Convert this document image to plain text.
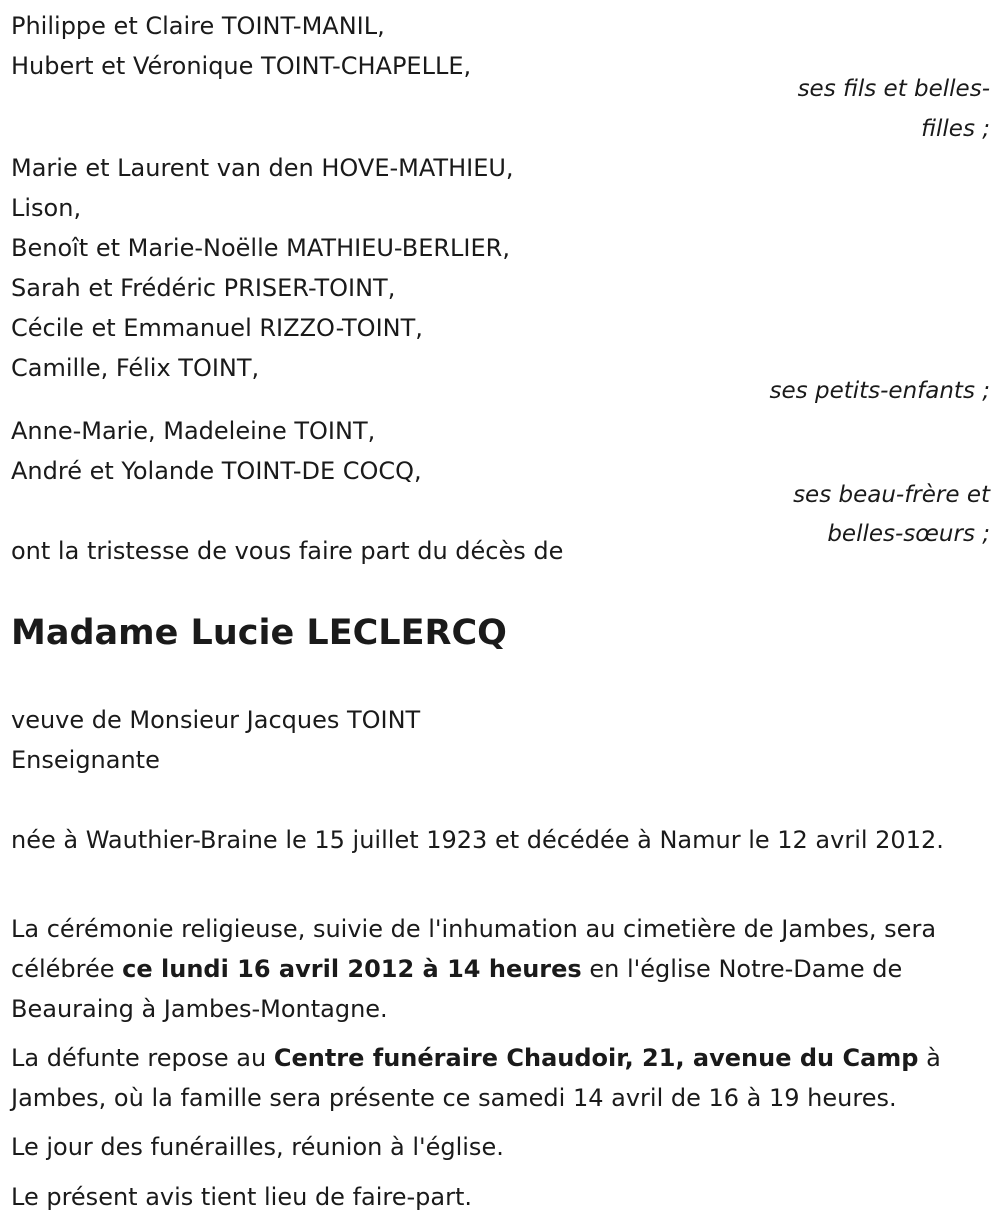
Philippe et Claire TOINT-MANIL,
Hubert et Véronique TOINT-CHAPELLE,
ses fils et belles-
filles ;
Marie et Laurent van den HOVE-MATHIEU,
Lison,
Benoît et Marie-Noëlle MATHIEU-BERLIER,
Sarah et Frédéric PRISER-TOINT,
Cécile et Emmanuel RIZZO-TOINT,
Camille, Félix TOINT,
ses petits-enfants ;
Anne-Marie, Madeleine TOINT,
André et Yolande TOINT-DE COCQ,
ses beau-frère et
belles-sœurs ;
ont la tristesse de vous faire part du décès de
Madame Lucie LECLERCQ
veuve de Monsieur Jacques TOINT
Enseignante
née à Wauthier-Braine le 15 juillet 1923 et décédée à Namur le 12 avril 2012.
La cérémonie religieuse, suivie de l'inhumation au cimetière de Jambes, sera célébrée ce lundi 16 avril 2012 à 14 heures en l'église Notre-Dame de Beauraing à Jambes-Montagne.
La défunte repose au Centre funéraire Chaudoir, 21, avenue du Camp à Jambes, où la famille sera présente ce samedi 14 avril de 16 à 19 heures.
Le jour des funérailles, réunion à l'église.
Le présent avis tient lieu de faire-part.
